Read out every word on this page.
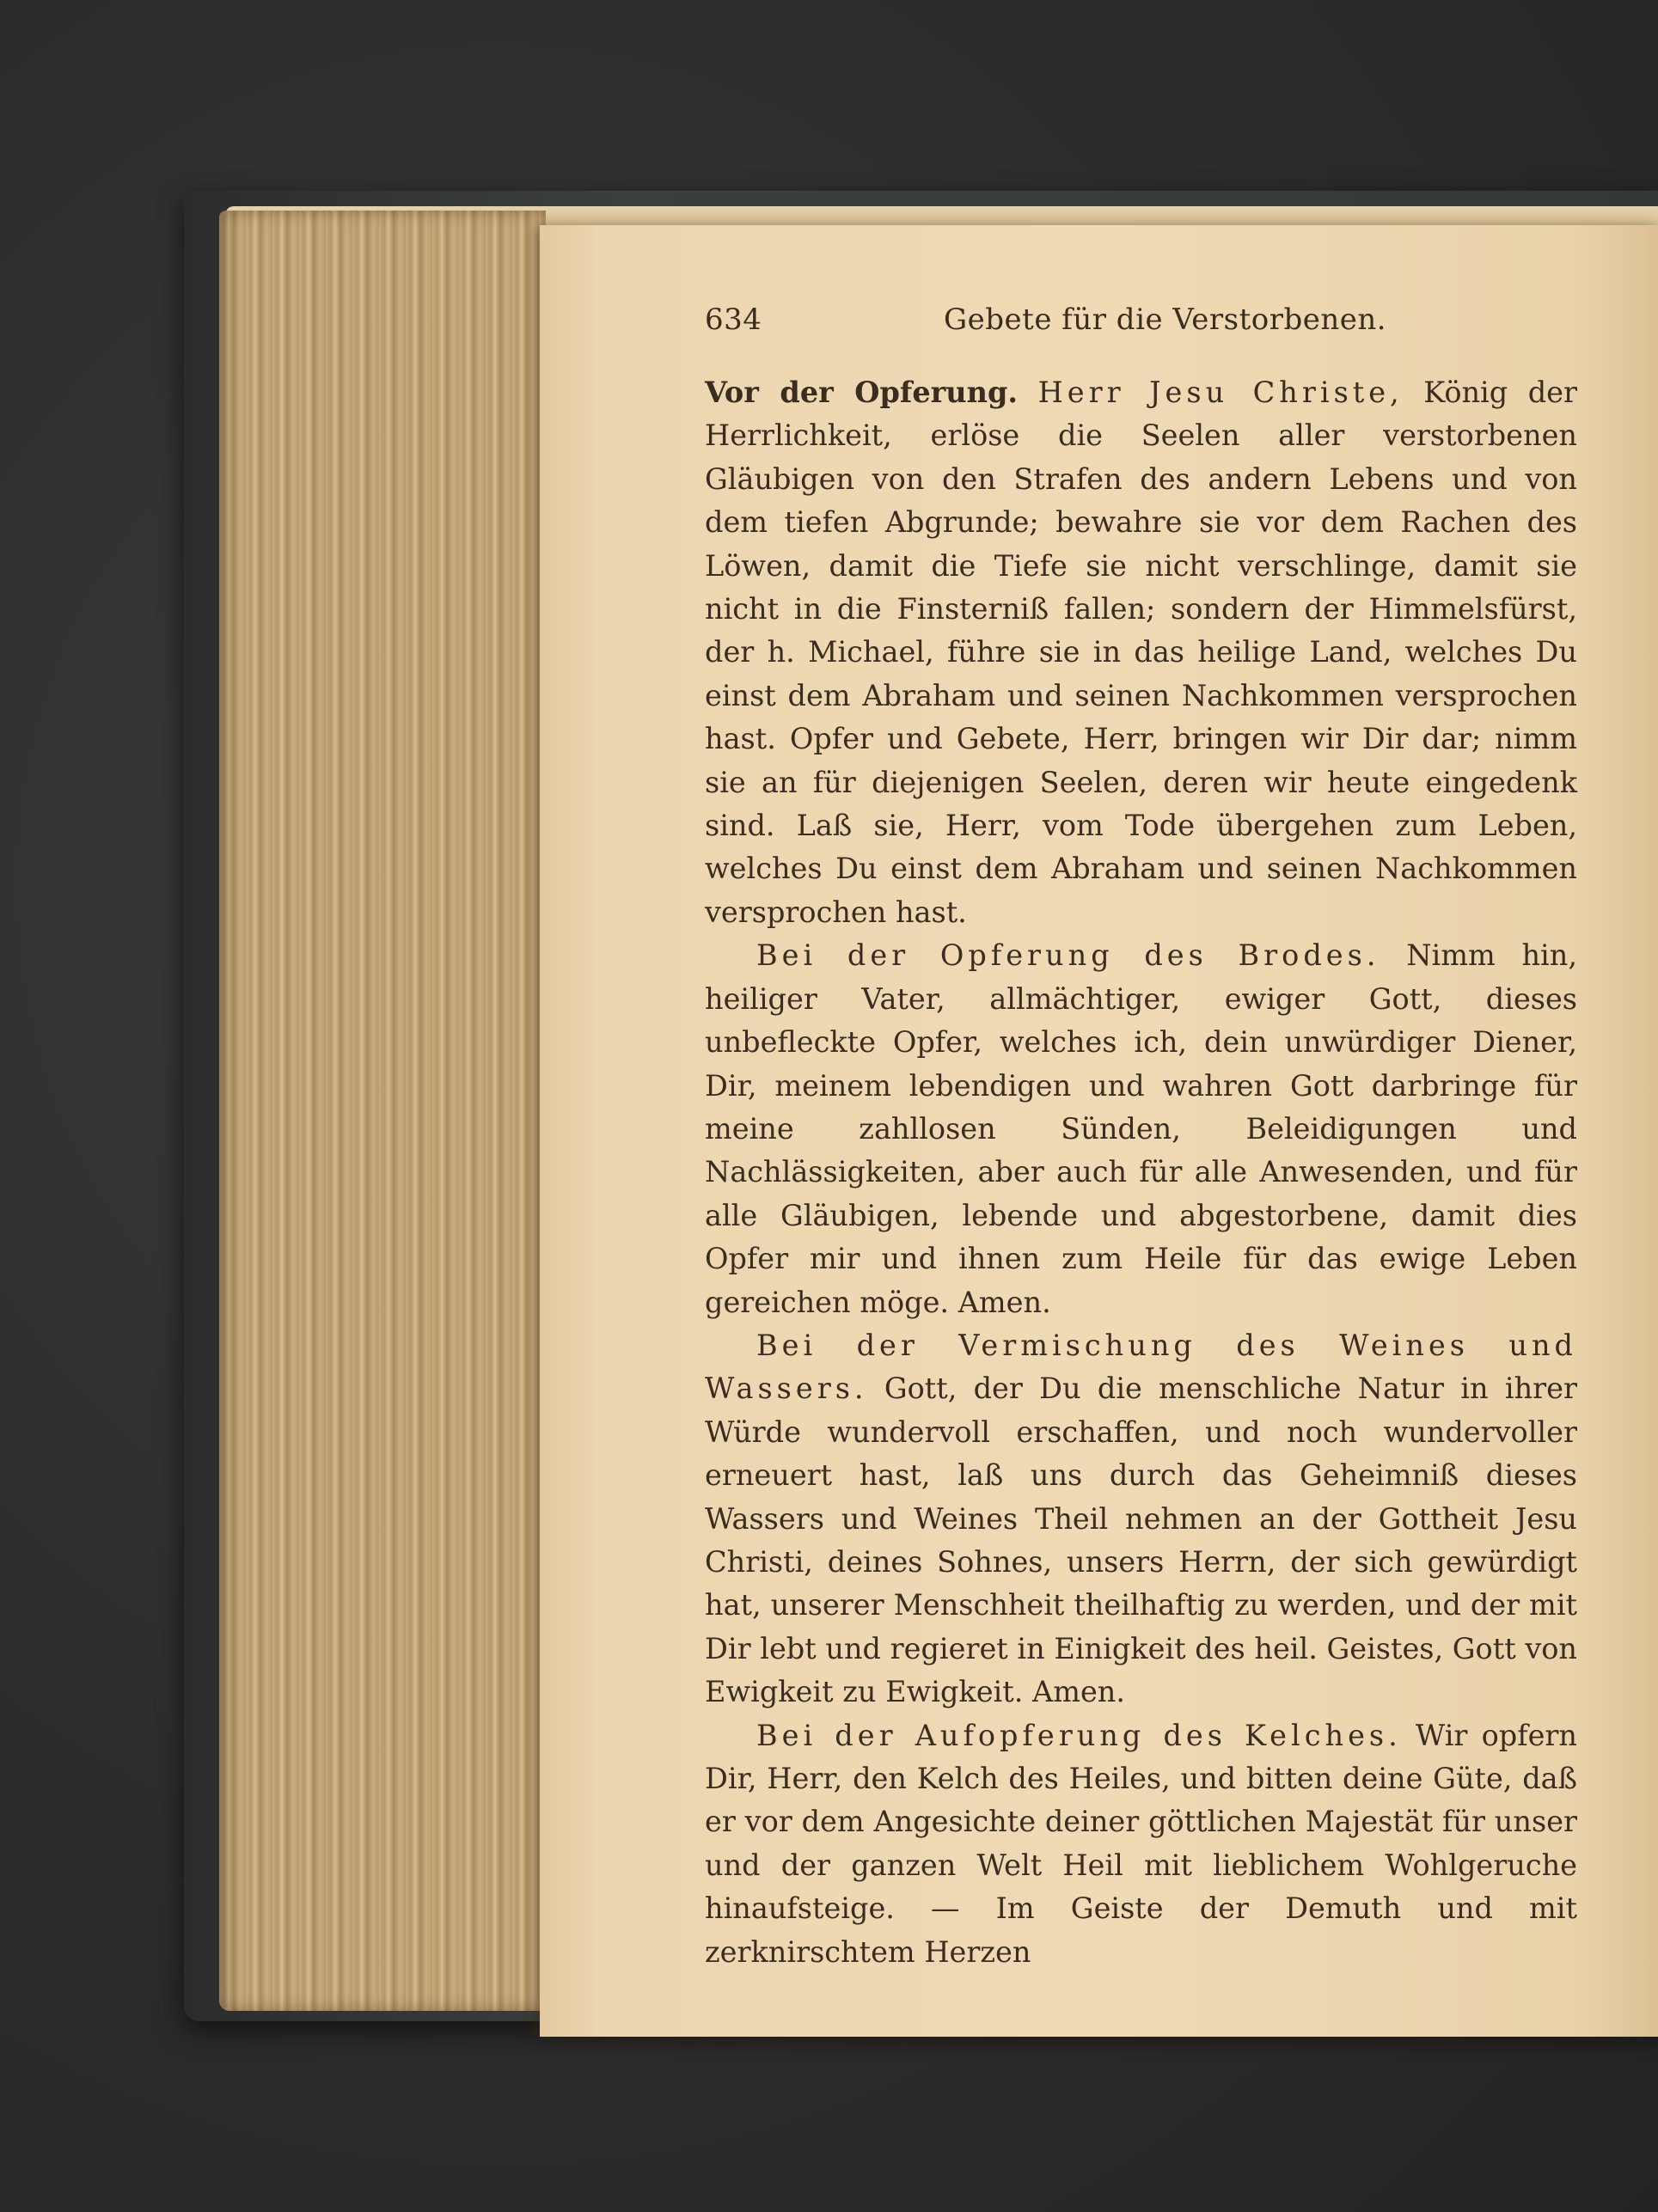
634	Gebete für die Verstorbenen.

Vor der Opferung. Herr Jesu Christe, König der Herrlichkeit, erlöse die Seelen aller verstorbenen Gläubigen von den Strafen des andern Lebens und von dem tiefen Abgrunde; bewahre sie vor dem Rachen des Löwen, damit die Tiefe sie nicht verschlinge, damit sie nicht in die Finsterniß fallen; sondern der Himmelsfürst, der h. Michael, führe sie in das heilige Land, welches Du einst dem Abraham und seinen Nachkommen versprochen hast. Opfer und Gebete, Herr, bringen wir Dir dar; nimm sie an für diejenigen Seelen, deren wir heute eingedenk sind. Laß sie, Herr, vom Tode übergehen zum Leben, welches Du einst dem Abraham und seinen Nachkommen versprochen hast.

Bei der Opferung des Brodes. Nimm hin, heiliger Vater, allmächtiger, ewiger Gott, dieses unbefleckte Opfer, welches ich, dein unwürdiger Diener, Dir, meinem lebendigen und wahren Gott darbringe für meine zahllosen Sünden, Beleidigungen und Nachlässigkeiten, aber auch für alle Anwesenden, und für alle Gläubigen, lebende und abgestorbene, damit dies Opfer mir und ihnen zum Heile für das ewige Leben gereichen möge. Amen.

Bei der Vermischung des Weines und Wassers. Gott, der Du die menschliche Natur in ihrer Würde wundervoll erschaffen, und noch wundervoller erneuert hast, laß uns durch das Geheimniß dieses Wassers und Weines Theil nehmen an der Gottheit Jesu Christi, deines Sohnes, unsers Herrn, der sich gewürdigt hat, unserer Menschheit theilhaftig zu werden, und der mit Dir lebt und regieret in Einigkeit des heil. Geistes, Gott von Ewigkeit zu Ewigkeit. Amen.

Bei der Aufopferung des Kelches. Wir opfern Dir, Herr, den Kelch des Heiles, und bitten deine Güte, daß er vor dem Angesichte deiner göttlichen Majestät für unser und der ganzen Welt Heil mit lieblichem Wohlgeruche hinaufsteige. — Im Geiste der Demuth und mit zerknirschtem Herzen
